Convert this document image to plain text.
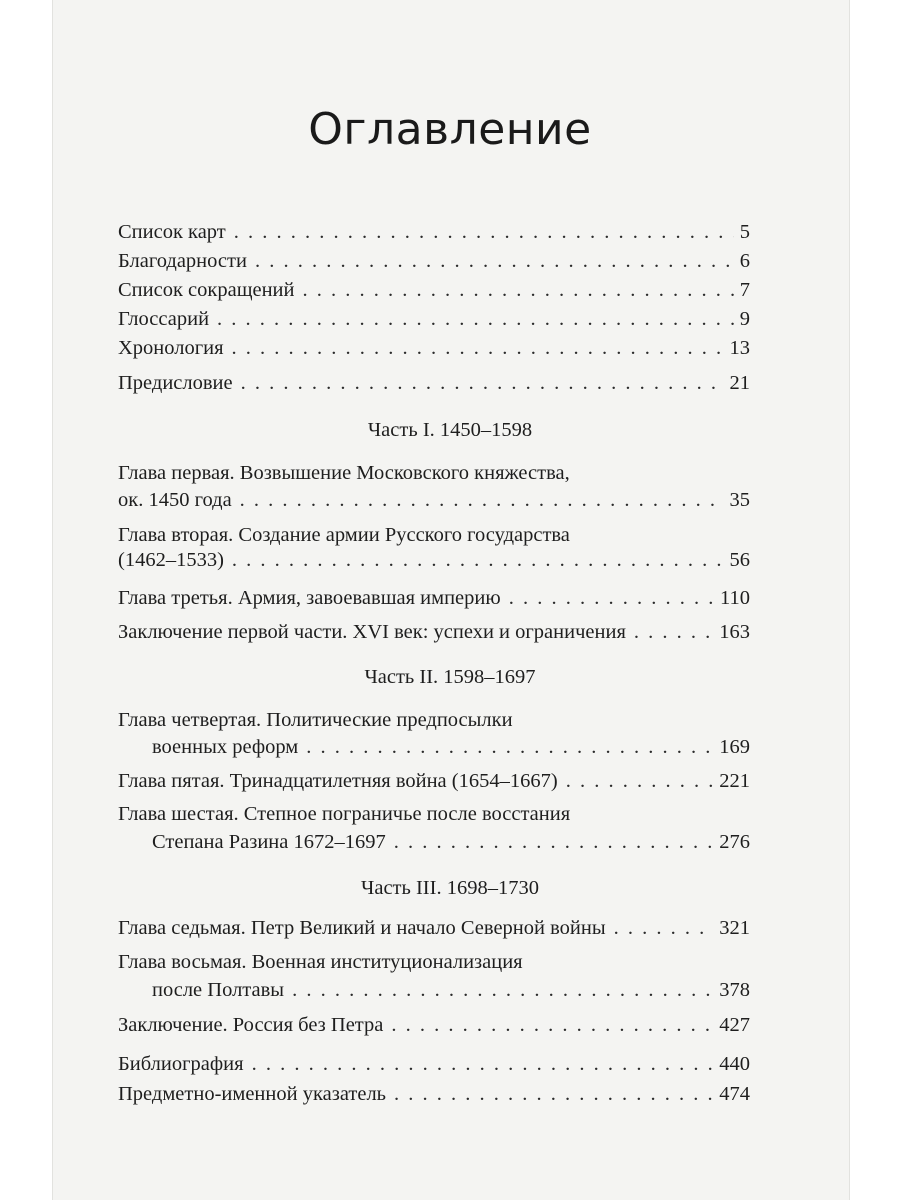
Оглавление
Список карт . . .	5
Благодарности . . .	6
Список сокращений . . .	7
Глоссарий . . .	9
Хронология . . .	13
Предисловие . . .	21
Часть I. 1450–1598
Глава первая. Возвышение Московского княжества,
ок. 1450 года . . .	35
Глава вторая. Создание армии Русского государства
(1462–1533) . . .	56
Глава третья. Армия, завоевавшая империю . . .	110
Заключение первой части. XVI век: успехи и ограничения . . .	163
Часть II. 1598–1697
Глава четвертая. Политические предпосылки
военных реформ . . .	169
Глава пятая. Тринадцатилетняя война (1654–1667) . . .	221
Глава шестая. Степное пограничье после восстания
Степана Разина 1672–1697 . . .	276
Часть III. 1698–1730
Глава седьмая. Петр Великий и начало Северной войны . . .	321
Глава восьмая. Военная институционализация
после Полтавы . . .	378
Заключение. Россия без Петра . . .	427
Библиография . . .	440
Предметно-именной указатель . . .	474
